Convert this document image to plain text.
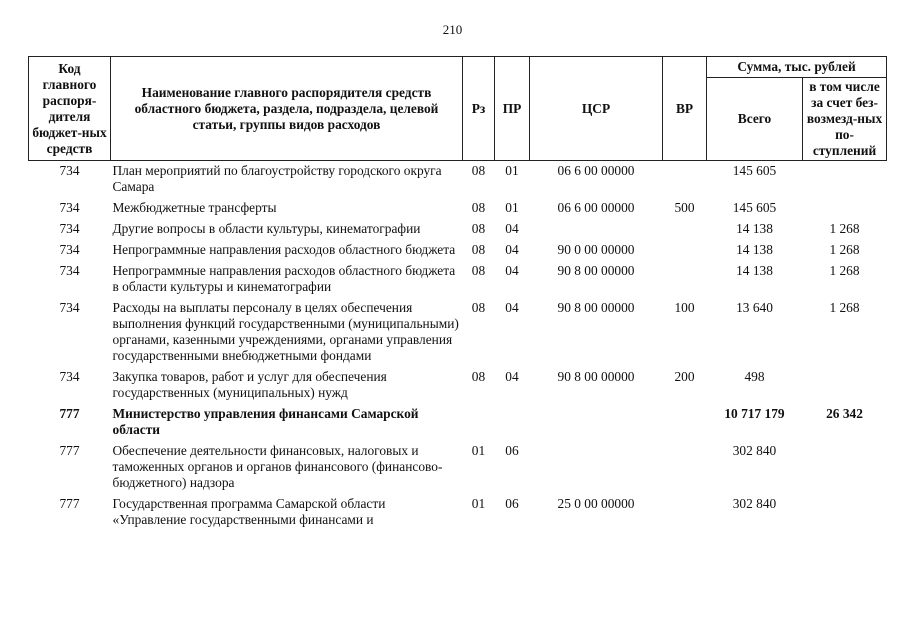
210
Код главного распоря-дителя бюджет-ных средств	Наименование главного распорядителя средств областного бюджета, раздела, подраздела, целевой статьи, группы видов расходов	Рз	ПР	ЦСР	ВР	Сумма, тыс. рублей	
						Всего	в том числе за счет без-возмезд-ных по-ступлений
734	План мероприятий по благоустройству городского округа Самара	08	01	06 6 00 00000		145 605	
734	Межбюджетные трансферты	08	01	06 6 00 00000	500	145 605	
734	Другие вопросы в области культуры, кинематографии	08	04			14 138	1 268
734	Непрограммные направления расходов областного бюджета	08	04	90 0 00 00000		14 138	1 268
734	Непрограммные направления расходов областного бюджета в области культуры и кинематографии	08	04	90 8 00 00000		14 138	1 268
734	Расходы на выплаты персоналу в целях обеспечения выполнения функций государственными (муниципальными) органами, казенными учреждениями, органами управления государственными внебюджетными фондами	08	04	90 8 00 00000	100	13 640	1 268
734	Закупка товаров, работ и услуг для обеспечения государственных (муниципальных) нужд	08	04	90 8 00 00000	200	498	
777	Министерство управления финансами Самарской области					10 717 179	26 342
777	Обеспечение деятельности финансовых, налоговых и таможенных органов и органов финансового (финансово-бюджетного) надзора	01	06			302 840	
777	Государственная программа Самарской области «Управление государственными финансами и	01	06	25 0 00 00000		302 840	
